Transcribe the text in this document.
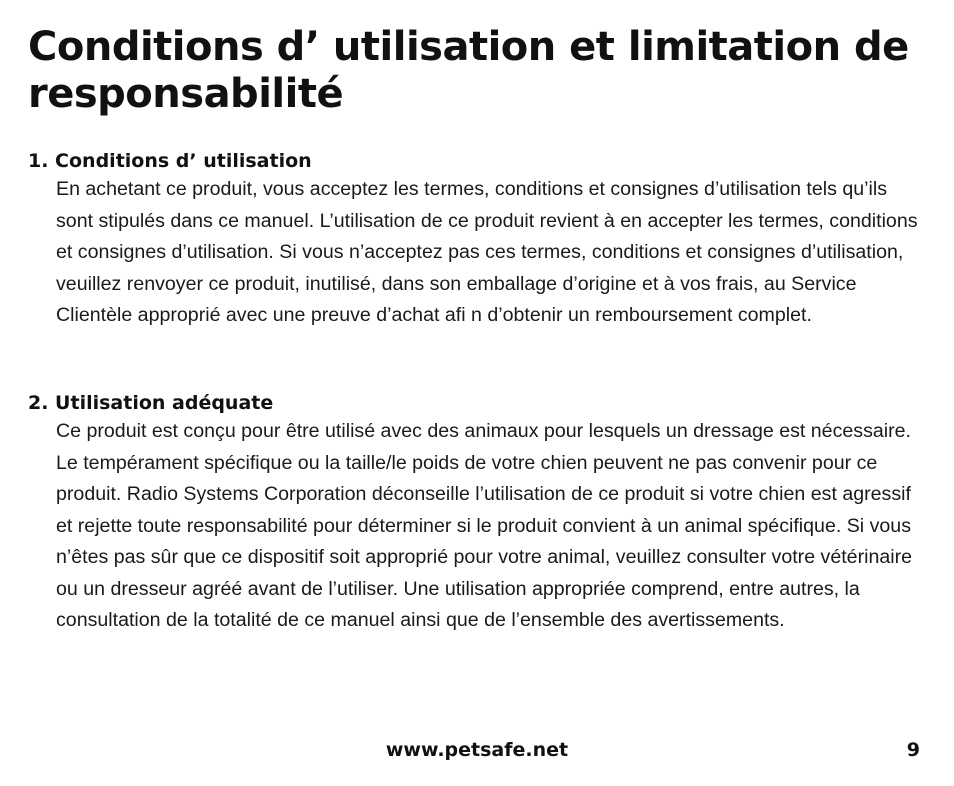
Conditions d’ utilisation et limitation de responsabilité
1. Conditions d’ utilisation

En achetant ce produit, vous acceptez les termes, conditions et consignes d’utilisation tels qu’ils sont stipulés dans ce manuel. L’utilisation de ce produit revient à en accepter les termes, conditions et consignes d’utilisation. Si vous n’acceptez pas ces termes, conditions et consignes d’utilisation, veuillez renvoyer ce produit, inutilisé, dans son emballage d’origine et à vos frais, au Service Clientèle approprié avec une preuve d’achat afi n d’obtenir un remboursement complet.

2. Utilisation adéquate

Ce produit est conçu pour être utilisé avec des animaux pour lesquels un dressage est nécessaire. Le tempérament spécifique ou la taille/le poids de votre chien peuvent ne pas convenir pour ce produit. Radio Systems Corporation déconseille l’utilisation de ce produit si votre chien est agressif et rejette toute responsabilité pour déterminer si le produit convient à un animal spécifique. Si vous n’êtes pas sûr que ce dispositif soit approprié pour votre animal, veuillez consulter votre vétérinaire ou un dresseur agréé avant de l’utiliser. Une utilisation appropriée comprend, entre autres, la consultation de la totalité de ce manuel ainsi que de l’ensemble des avertissements.

www.petsafe.net	9
